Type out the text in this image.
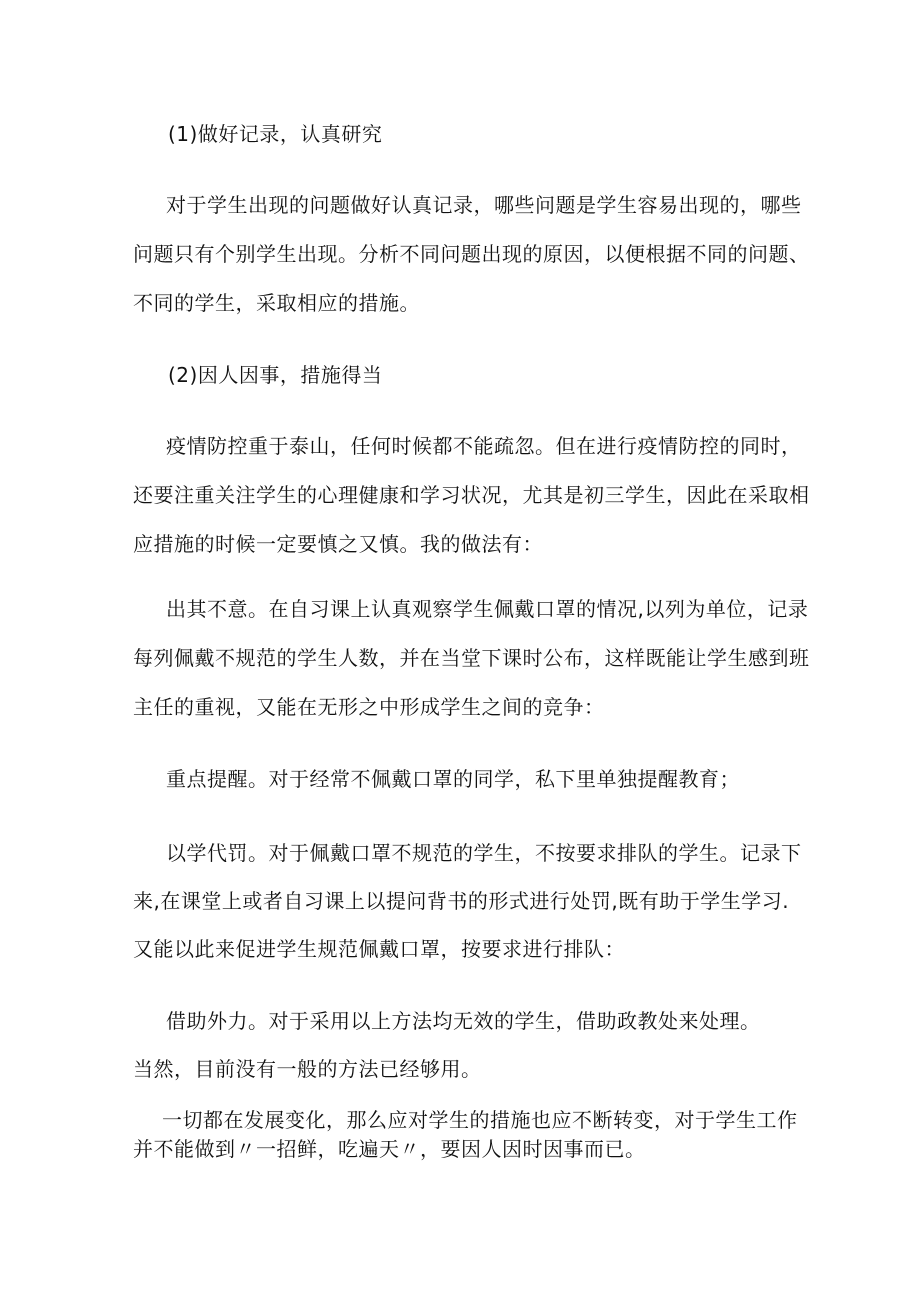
(1)做好记录，认真研究
对于学生出现的问题做好认真记录，哪些问题是学生容易出现的，哪些
问题只有个别学生出现。分析不同问题出现的原因，以便根据不同的问题、
不同的学生，采取相应的措施。
(2)因人因事，措施得当
疫情防控重于泰山，任何时候都不能疏忽。但在进行疫情防控的同时，
还要注重关注学生的心理健康和学习状况，尤其是初三学生，因此在采取相
应措施的时候一定要慎之又慎。我的做法有：
出其不意。在自习课上认真观察学生佩戴口罩的情况,以列为单位，记录
每列佩戴不规范的学生人数，并在当堂下课时公布，这样既能让学生感到班
主任的重视，又能在无形之中形成学生之间的竞争：
重点提醒。对于经常不佩戴口罩的同学，私下里单独提醒教育；
以学代罚。对于佩戴口罩不规范的学生，不按要求排队的学生。记录下
来,在课堂上或者自习课上以提问背书的形式进行处罚,既有助于学生学习.
又能以此来促进学生规范佩戴口罩，按要求进行排队：
借助外力。对于采用以上方法均无效的学生，借助政教处来处理。
当然，目前没有一般的方法已经够用。
一切都在发展变化，那么应对学生的措施也应不断转变，对于学生工作
并不能做到〃一招鲜，吃遍天〃，要因人因时因事而已。
